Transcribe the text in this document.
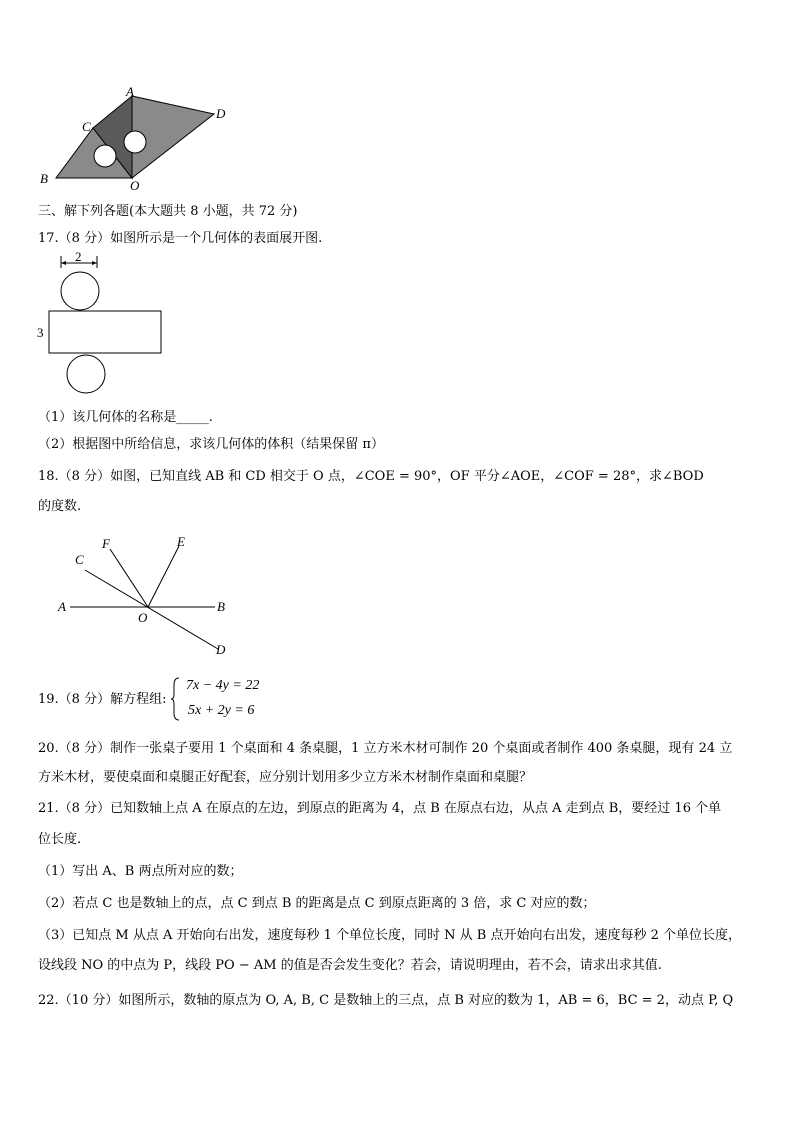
A
C
D
B	O
三、解下列各题(本大题共 8 小题，共 72 分)
17.（8 分）如图所示是一个几何体的表面展开图.
2
3
（1）该几何体的名称是_____.
（2）根据图中所给信息，求该几何体的体积（结果保留 π）
18.（8 分）如图，已知直线 AB 和 CD 相交于 O 点，∠COE = 90°，OF 平分∠AOE，∠COF = 28°，求∠BOD
的度数.
C
F	E
A
O
B
D
19.（8 分）解方程组:
7x − 4y = 22
5x + 2y = 6
20.（8 分）制作一张桌子要用 1 个桌面和 4 条桌腿，1 立方米木材可制作 20 个桌面或者制作 400 条桌腿，现有 24 立
方米木材，要使桌面和桌腿正好配套，应分别计划用多少立方米木材制作桌面和桌腿？
21.（8 分）已知数轴上点 A 在原点的左边，到原点的距离为 4，点 B 在原点右边，从点 A 走到点 B，要经过 16 个单
位长度.
（1）写出 A、B 两点所对应的数；
（2）若点 C 也是数轴上的点，点 C 到点 B 的距离是点 C 到原点距离的 3 倍，求 C 对应的数；
（3）已知点 M 从点 A 开始向右出发，速度每秒 1 个单位长度，同时 N 从 B 点开始向右出发，速度每秒 2 个单位长度，
设线段 NO 的中点为 P，线段 PO − AM 的值是否会发生变化？若会，请说明理由，若不会，请求出求其值.
22.（10 分）如图所示，数轴的原点为 O, A, B, C 是数轴上的三点，点 B 对应的数为 1，AB = 6，BC = 2，动点 P, Q
